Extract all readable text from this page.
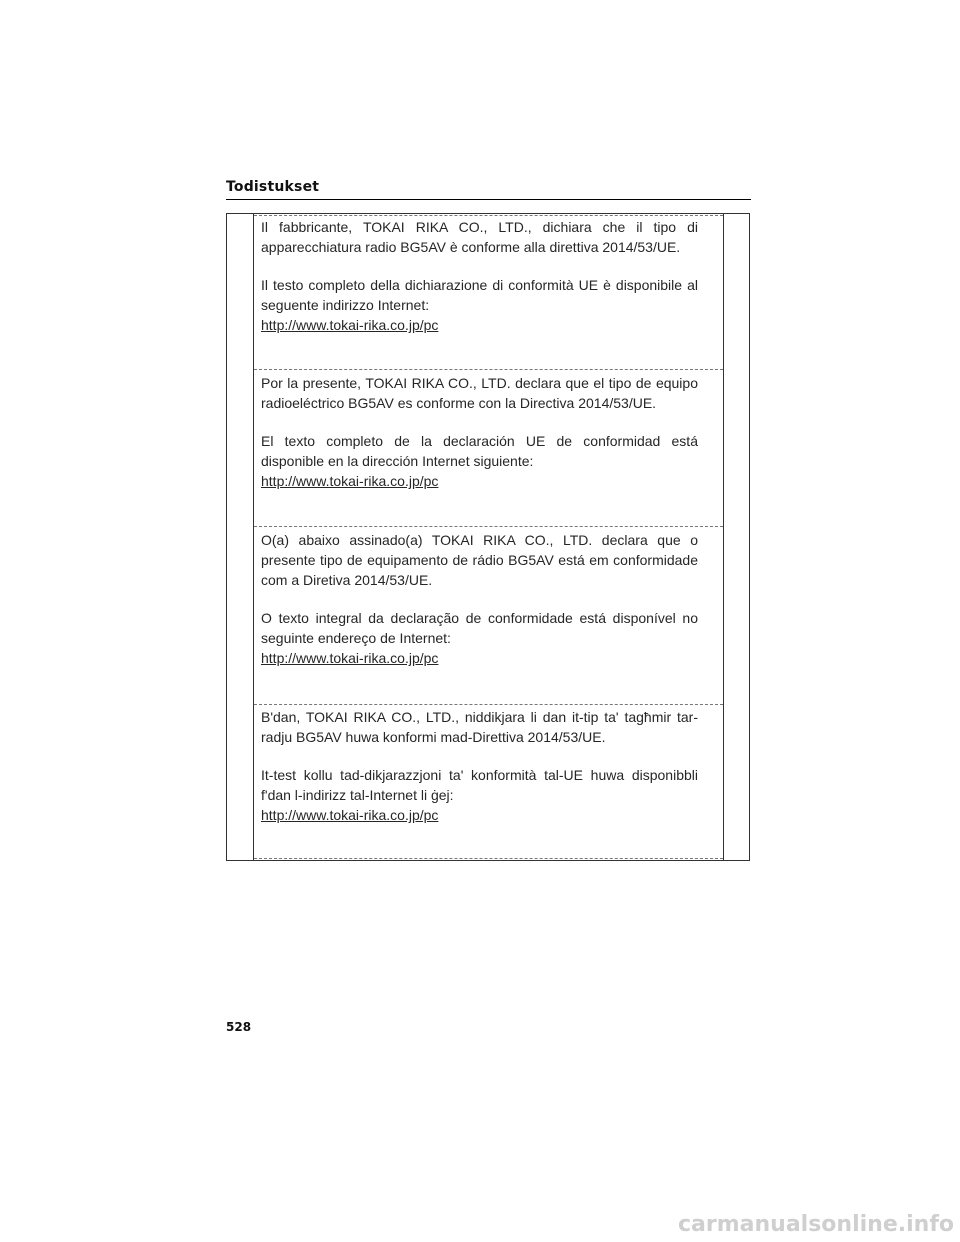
Todistukset

Il fabbricante, TOKAI RIKA CO., LTD., dichiara che il tipo di apparecchiatura radio BG5AV è conforme alla direttiva 2014/53/UE.

Il testo completo della dichiarazione di conformità UE è disponibile al seguente indirizzo Internet:

http://www.tokai-rika.co.jp/pc

Por la presente, TOKAI RIKA CO., LTD. declara que el tipo de equipo radioeléctrico BG5AV es conforme con la Directiva 2014/53/UE.

El texto completo de la declaración UE de conformidad está disponible en la dirección Internet siguiente:

http://www.tokai-rika.co.jp/pc

O(a) abaixo assinado(a) TOKAI RIKA CO., LTD. declara que o presente tipo de equipamento de rádio BG5AV está em conformidade com a Diretiva 2014/53/UE.

O texto integral da declaração de conformidade está disponível no seguinte endereço de Internet:

http://www.tokai-rika.co.jp/pc

B'dan, TOKAI RIKA CO., LTD., niddikjara li dan it-tip ta' tagħmir tar-radju BG5AV huwa konformi mad-Direttiva 2014/53/UE.

It-test kollu tad-dikjarazzjoni ta' konformità tal-UE huwa disponibbli f'dan l-indirizz tal-Internet li ġej:

http://www.tokai-rika.co.jp/pc
528
carmanualsonline.info
